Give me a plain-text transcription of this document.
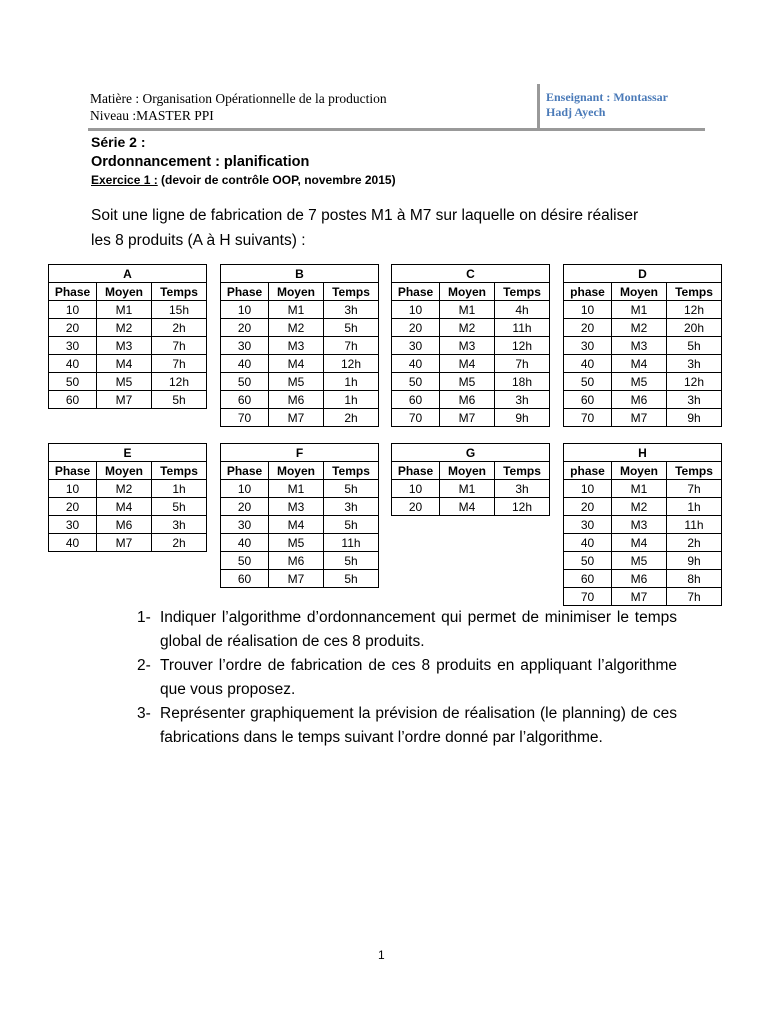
Matière : Organisation Opérationnelle de la production
Niveau :MASTER PPI
Enseignant : Montassar
Hadj Ayech
Série 2 :
Ordonnancement : planification
Exercice 1 : (devoir de contrôle OOP, novembre 2015)
Soit une ligne de fabrication de 7 postes M1 à M7 sur laquelle on désire réaliser
les 8 produits (A à H suivants) :
A		
Phase	Moyen	Temps
10	M1	15h
20	M2	2h
30	M3	7h
40	M4	7h
50	M5	12h
60	M7	5h
B		
Phase	Moyen	Temps
10	M1	3h
20	M2	5h
30	M3	7h
40	M4	12h
50	M5	1h
60	M6	1h
70	M7	2h
C		
Phase	Moyen	Temps
10	M1	4h
20	M2	11h
30	M3	12h
40	M4	7h
50	M5	18h
60	M6	3h
70	M7	9h
D		
phase	Moyen	Temps
10	M1	12h
20	M2	20h
30	M3	5h
40	M4	3h
50	M5	12h
60	M6	3h
70	M7	9h
E		
Phase	Moyen	Temps
10	M2	1h
20	M4	5h
30	M6	3h
40	M7	2h
F		
Phase	Moyen	Temps
10	M1	5h
20	M3	3h
30	M4	5h
40	M5	11h
50	M6	5h
60	M7	5h
G		
Phase	Moyen	Temps
10	M1	3h
20	M4	12h
H		
phase	Moyen	Temps
10	M1	7h
20	M2	1h
30	M3	11h
40	M4	2h
50	M5	9h
60	M6	8h
70	M7	7h
1- Indiquer l’algorithme d’ordonnancement qui permet de minimiser le temps global de réalisation de ces 8 produits.
2- Trouver l’ordre de fabrication de ces 8 produits en appliquant l’algorithme que vous proposez.
3- Représenter graphiquement la prévision de réalisation (le planning) de ces fabrications dans le temps suivant l’ordre donné par l’algorithme.
1
